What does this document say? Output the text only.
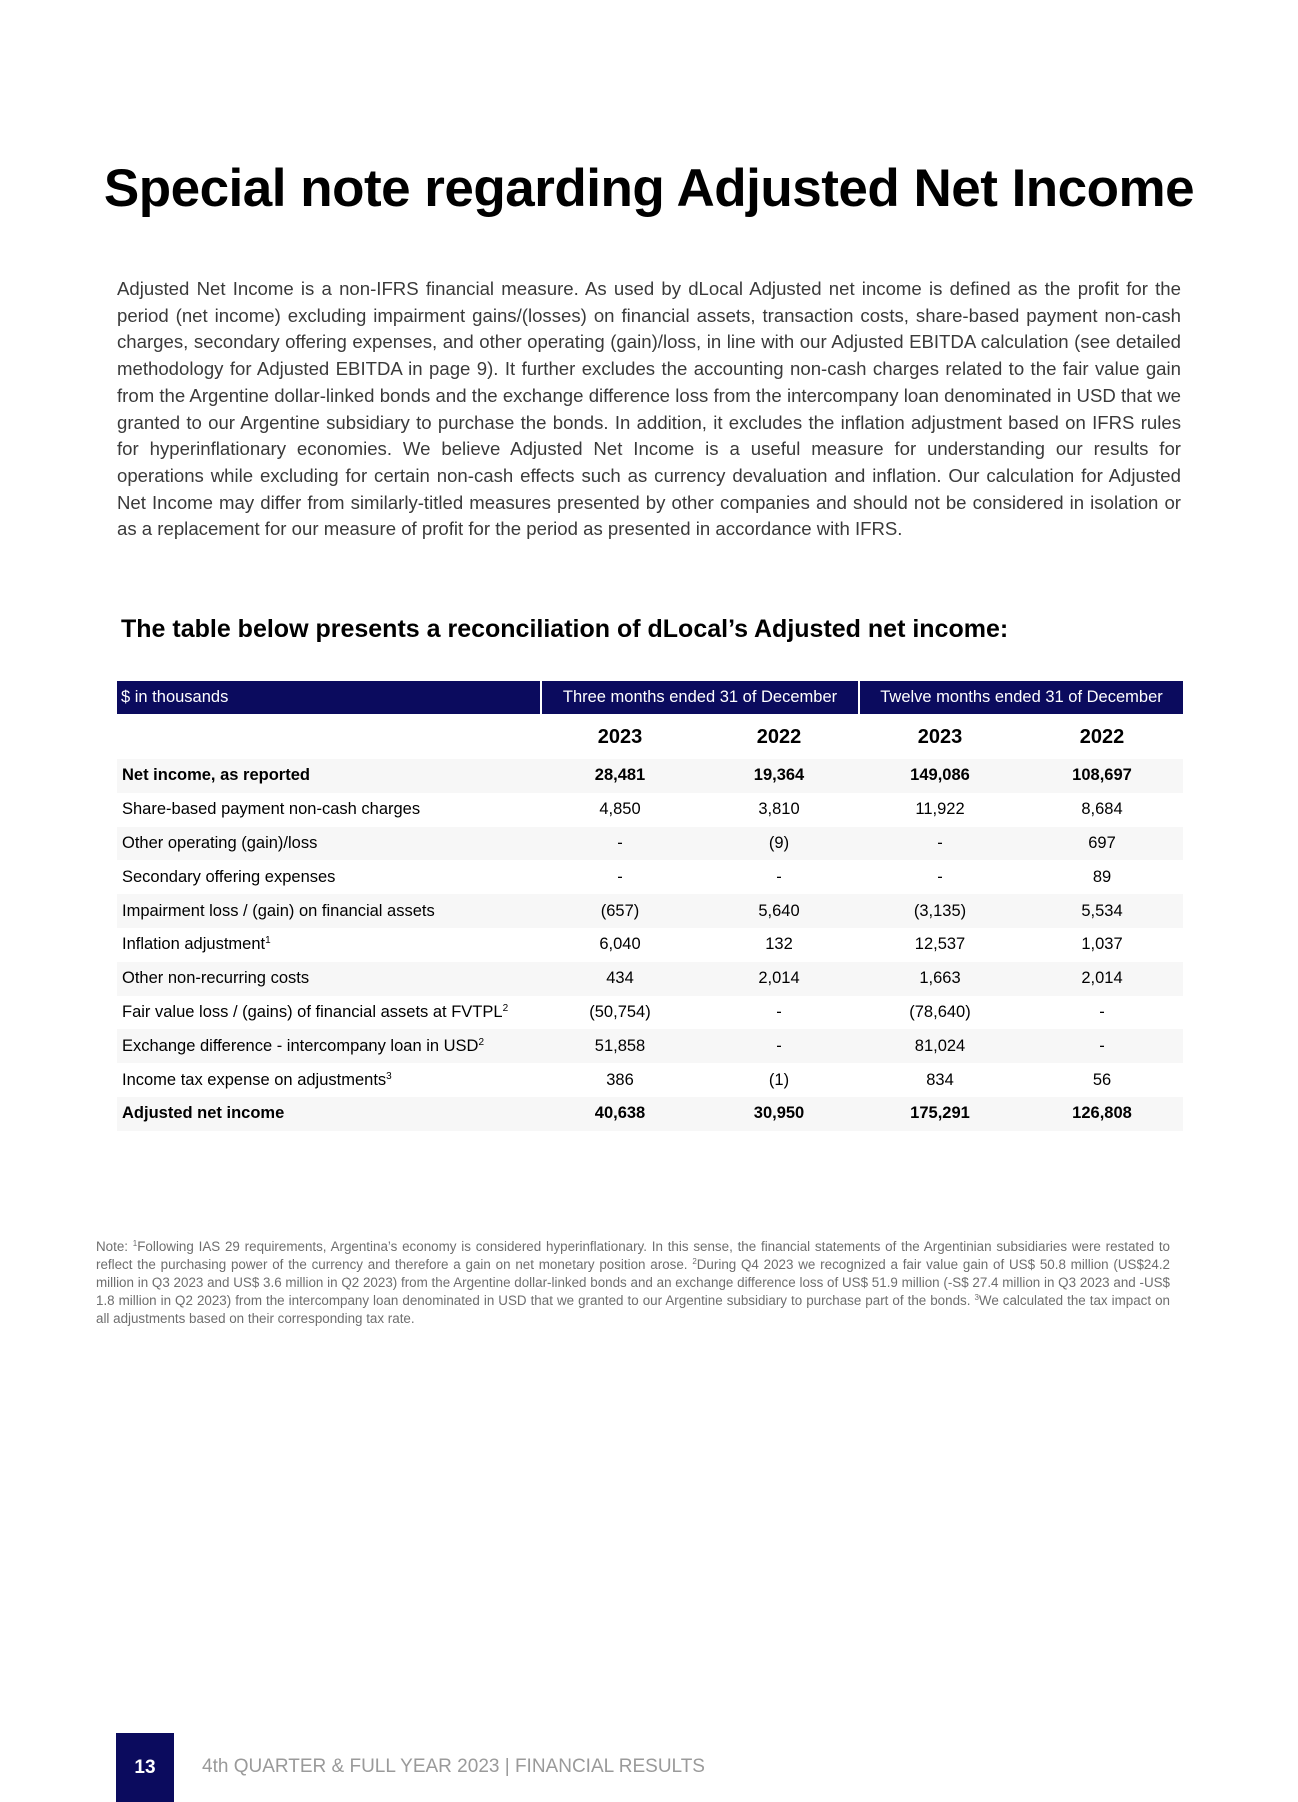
Special note regarding Adjusted Net Income

Adjusted Net Income is a non-IFRS financial measure. As used by dLocal Adjusted net income is defined as the profit for the period (net income) excluding impairment gains/(losses) on financial assets, transaction costs, share-based payment non-cash charges, secondary offering expenses, and other operating (gain)/loss, in line with our Adjusted EBITDA calculation (see detailed methodology for Adjusted EBITDA in page 9). It further excludes the accounting non-cash charges related to the fair value gain from the Argentine dollar-linked bonds and the exchange difference loss from the intercompany loan denominated in USD that we granted to our Argentine subsidiary to purchase the bonds. In addition, it excludes the inflation adjustment based on IFRS rules for hyperinflationary economies. We believe Adjusted Net Income is a useful measure for understanding our results for operations while excluding for certain non-cash effects such as currency devaluation and inflation. Our calculation for Adjusted Net Income may differ from similarly-titled measures presented by other companies and should not be considered in isolation or as a replacement for our measure of profit for the period as presented in accordance with IFRS.

The table below presents a reconciliation of dLocal’s Adjusted net income:
$ in thousands	Three months ended 31 of December		Twelve months ended 31 of December	
	2023	2022	2023	2022
Net income, as reported	28,481	19,364	149,086	108,697
Share-based payment non-cash charges	4,850	3,810	11,922	8,684
Other operating (gain)/loss	-	(9)	-	697
Secondary offering expenses	-	-	-	89
Impairment loss / (gain) on financial assets	(657)	5,640	(3,135)	5,534
Inflation adjustment$^1$	6,040	132	12,537	1,037
Other non-recurring costs	434	2,014	1,663	2,014
Fair value loss / (gains) of financial assets at FVTPL$^2$	(50,754)	-	(78,640)	-
Exchange difference - intercompany loan in USD$^2$	51,858	-	81,024	-
Income tax expense on adjustments$^3$	386	(1)	834	56
Adjusted net income	40,638	30,950	175,291	126,808

Note: $^1$Following IAS 29 requirements, Argentina’s economy is considered hyperinflationary. In this sense, the financial statements of the Argentinian subsidiaries were restated to reflect the purchasing power of the currency and therefore a gain on net monetary position arose. $^2$During Q4 2023 we recognized a fair value gain of US$ 50.8 million (US$24.2 million in Q3 2023 and US$ 3.6 million in Q2 2023) from the Argentine dollar-linked bonds and an exchange difference loss of US$ 51.9 million (-S$ 27.4 million in Q3 2023 and -US$ 1.8 million in Q2 2023) from the intercompany loan denominated in USD that we granted to our Argentine subsidiary to purchase part of the bonds. $^3$We calculated the tax impact on all adjustments based on their corresponding tax rate.

13	4th QUARTER & FULL YEAR 2023 | FINANCIAL RESULTS
